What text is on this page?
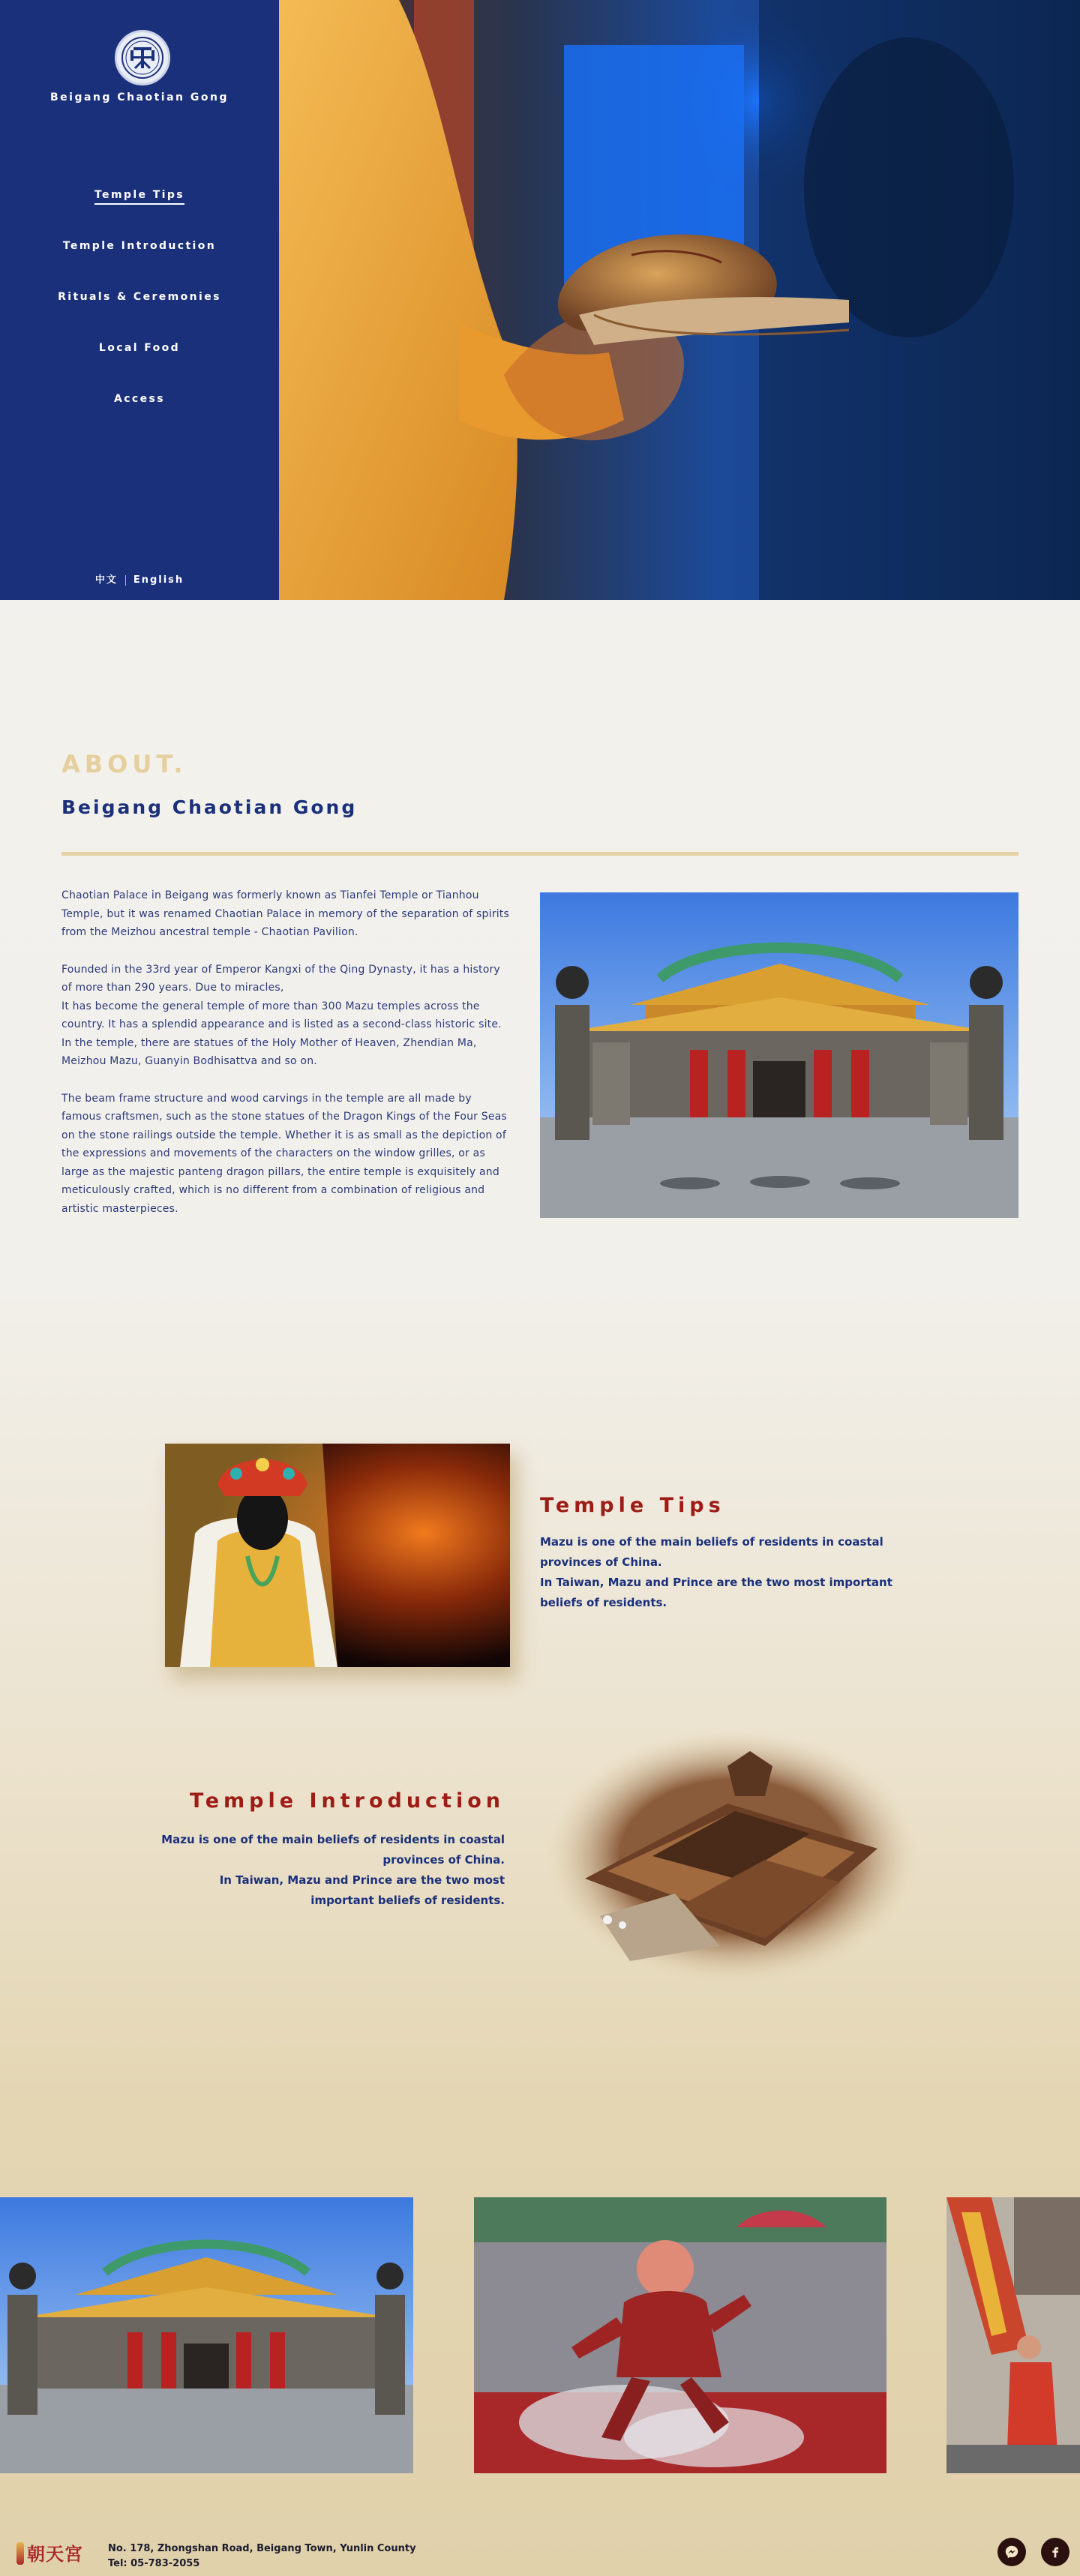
Beigang Chaotian Gong
Temple Tips
Temple Introduction
Rituals & Ceremonies
Local Food
Access
中文 English
ABOUT.
Beigang Chaotian Gong

Chaotian Palace in Beigang was formerly known as Tianfei Temple or Tianhou Temple, but it was renamed Chaotian Palace in memory of the separation of spirits from the Meizhou ancestral temple - Chaotian Pavilion.

Founded in the 33rd year of Emperor Kangxi of the Qing Dynasty, it has a history of more than 290 years. Due to miracles,
It has become the general temple of more than 300 Mazu temples across the country. It has a splendid appearance and is listed as a second-class historic site. In the temple, there are statues of the Holy Mother of Heaven, Zhendian Ma, Meizhou Mazu, Guanyin Bodhisattva and so on.

The beam frame structure and wood carvings in the temple are all made by famous craftsmen, such as the stone statues of the Dragon Kings of the Four Seas on the stone railings outside the temple. Whether it is as small as the depiction of the expressions and movements of the characters on the window grilles, or as large as the majestic panteng dragon pillars, the entire temple is exquisitely and meticulously crafted, which is no different from a combination of religious and artistic masterpieces.

Temple Tips

Mazu is one of the main beliefs of residents in coastal provinces of China.

In Taiwan, Mazu and Prince are the two most important beliefs of residents.

Temple Introduction

Mazu is one of the main beliefs of residents in coastal

provinces of China.

In Taiwan, Mazu and Prince are the two most

important beliefs of residents.

朝天宮	No. 178, Zhongshan Road, Beigang Town, Yunlin County
Tel: 05-783-2055
